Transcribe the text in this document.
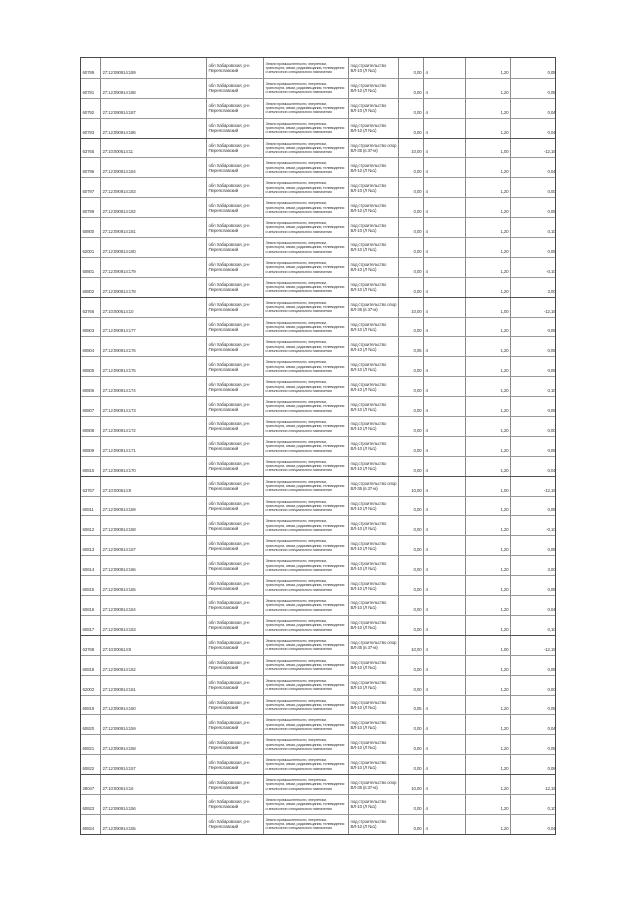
60789	27:12:090914:189
обл Хабаровская, р-н
Переяславский
Земли промышленности, энергетики, транспорта, связи, радиовещания, телевидения и земли иного специального назначения
под строительство ВЛ-10 (Л №1)	0,00 4	1,20	0,05
60791	27:12:090914:188
обл Хабаровская, р-н
Переяславский
Земли промышленности, энергетики, транспорта, связи, радиовещания, телевидения и земли иного специального назначения
под строительство ВЛ-10 (Л №1)	0,00 4	1,20	0,05
60792	27:12:090914:187
обл Хабаровская, р-н
Переяславский
Земли промышленности, энергетики, транспорта, связи, радиовещания, телевидения и земли иного специального назначения
под строительство ВЛ-10 (Л №1)	0,00 4	1,20	0,04
60793	27:12:090914:186
обл Хабаровская, р-н
Переяславский
Земли промышленности, энергетики, транспорта, связи, радиовещания, телевидения и земли иного специального назначения
под строительство ВЛ-10 (Л №1)	0,00 4	1,20	0,04
63765	27:10:000614:11
обл Хабаровская, р-н
Переяславский
Земли промышленности, энергетики, транспорта, связи, радиовещания, телевидения и земли иного специального назначения
под строительство опор ВЛ-35 (в 37-м)	10,00 4	1,00	-12,15
60796	27:12:090914:184
обл Хабаровская, р-н
Переяславский
Земли промышленности, энергетики, транспорта, связи, радиовещания, телевидения и земли иного специального назначения
под строительство ВЛ-10 (Л №1)	0,00 4	1,20	0,04
60797	27:12:090914:183
обл Хабаровская, р-н
Переяславский
Земли промышленности, энергетики, транспорта, связи, радиовещания, телевидения и земли иного специального назначения
под строительство ВЛ-10 (Л №1)	0,00 4	1,20	0,00
60799	27:12:090914:182
обл Хабаровская, р-н
Переяславский
Земли промышленности, энергетики, транспорта, связи, радиовещания, телевидения и земли иного специального назначения
под строительство ВЛ-10 (Л №1)	0,00 4	1,20	0,05
60800	27:12:090914:181
обл Хабаровская, р-н
Переяславский
Земли промышленности, энергетики, транспорта, связи, радиовещания, телевидения и земли иного специального назначения
под строительство ВЛ-10 (Л №1)	0,00 4	1,20	0,10
62001	27:12:090914:180
обл Хабаровская, р-н
Переяславский
Земли промышленности, энергетики, транспорта, связи, радиовещания, телевидения и земли иного специального назначения
под строительство ВЛ-10 (Л №1)	0,00 4	1,20	0,05
60801	27:12:090914:179
обл Хабаровская, р-н
Переяславский
Земли промышленности, энергетики, транспорта, связи, радиовещания, телевидения и земли иного специального назначения
под строительство ВЛ-10 (Л №1)	0,00 4	1,20	-0,10
60802	27:12:090914:178
обл Хабаровская, р-н
Переяславский
Земли промышленности, энергетики, транспорта, связи, радиовещания, телевидения и земли иного специального назначения
под строительство ВЛ-10 (Л №1)	0,00 4	1,20	3,00
63766	27:10:000614:10
обл Хабаровская, р-н
Переяславский
Земли промышленности, энергетики, транспорта, связи, радиовещания, телевидения и земли иного специального назначения
под строительство опор ВЛ-35 (в 37-м)	10,00 4	1,00	-12,15
60803	27:12:090914:177
обл Хабаровская, р-н
Переяславский
Земли промышленности, энергетики, транспорта, связи, радиовещания, телевидения и земли иного специального назначения
под строительство ВЛ-10 (Л №1)	0,00 4	1,20	0,05
60804	27:12:090914:176
обл Хабаровская, р-н
Переяславский
Земли промышленности, энергетики, транспорта, связи, радиовещания, телевидения и земли иного специального назначения
под строительство ВЛ-10 (Л №1)	0,05 4	1,20	0,06
60805	27:12:090914:175
обл Хабаровская, р-н
Переяславский
Земли промышленности, энергетики, транспорта, связи, радиовещания, телевидения и земли иного специального назначения
под строительство ВЛ-10 (Л №1)	0,00 4	1,20	0,05
60806	27:12:090914:174
обл Хабаровская, р-н
Переяславский
Земли промышленности, энергетики, транспорта, связи, радиовещания, телевидения и земли иного специального назначения
под строительство ВЛ-10 (Л №1)	0,00 4	1,20	0,10
60807	27:12:090914:173
обл Хабаровская, р-н
Переяславский
Земли промышленности, энергетики, транспорта, связи, радиовещания, телевидения и земли иного специального назначения
под строительство ВЛ-10 (Л №1)	0,00 4	1,20	0,05
60808	27:12:090914:172
обл Хабаровская, р-н
Переяславский
Земли промышленности, энергетики, транспорта, связи, радиовещания, телевидения и земли иного специального назначения
под строительство ВЛ-10 (Л №1)	0,00 4	1,20	0,00
60809	27:12:090914:171
обл Хабаровская, р-н
Переяславский
Земли промышленности, энергетики, транспорта, связи, радиовещания, телевидения и земли иного специального назначения
под строительство ВЛ-10 (Л №1)	0,00 4	1,20	0,05
60810	27:12:090914:170
обл Хабаровская, р-н
Переяславский
Земли промышленности, энергетики, транспорта, связи, радиовещания, телевидения и земли иного специального назначения
под строительство ВЛ-10 (Л №1)	0,00 4	1,20	0,04
63767	27:10:000614:9
обл Хабаровская, р-н
Переяславский
Земли промышленности, энергетики, транспорта, связи, радиовещания, телевидения и земли иного специального назначения
под строительство опор ВЛ-35 (в 37-м)	10,00 4	1,00	-12,15
60811	27:12:090914:169
обл Хабаровская, р-н
Переяславский
Земли промышленности, энергетики, транспорта, связи, радиовещания, телевидения и земли иного специального назначения
под строительство ВЛ-10 (Л №1)	0,00 4	1,20	0,05
60812	27:12:090914:168
обл Хабаровская, р-н
Переяславский
Земли промышленности, энергетики, транспорта, связи, радиовещания, телевидения и земли иного специального назначения
под строительство ВЛ-10 (Л №1)	0,00 4	1,20	-0,10
60813	27:12:090914:167
обл Хабаровская, р-н
Переяславский
Земли промышленности, энергетики, транспорта, связи, радиовещания, телевидения и земли иного специального назначения
под строительство ВЛ-10 (Л №1)	0,00 4	1,20	0,05
60814	27:12:090914:166
обл Хабаровская, р-н
Переяславский
Земли промышленности, энергетики, транспорта, связи, радиовещания, телевидения и земли иного специального назначения
под строительство ВЛ-10 (Л №1)	0,00 4	1,20	3,00
60815	27:12:090914:165
обл Хабаровская, р-н
Переяславский
Земли промышленности, энергетики, транспорта, связи, радиовещания, телевидения и земли иного специального назначения
под строительство ВЛ-10 (Л №1)	0,00 4	1,20	0,05
60816	27:12:090914:164
обл Хабаровская, р-н
Переяславский
Земли промышленности, энергетики, транспорта, связи, радиовещания, телевидения и земли иного специального назначения
под строительство ВЛ-10 (Л №1)	0,00 4	1,20	0,04
60817	27:12:090914:163
обл Хабаровская, р-н
Переяславский
Земли промышленности, энергетики, транспорта, связи, радиовещания, телевидения и земли иного специального назначения
под строительство ВЛ-10 (Л №1)	0,00 4	1,20	0,10
63768	27:10:000614:8
обл Хабаровская, р-н
Переяславский
Земли промышленности, энергетики, транспорта, связи, радиовещания, телевидения и земли иного специального назначения
под строительство опор ВЛ-35 (в 37-м)	10,00 4	1,00	-12,15
60818	27:12:090914:162
обл Хабаровская, р-н
Переяславский
Земли промышленности, энергетики, транспорта, связи, радиовещания, телевидения и земли иного специального назначения
под строительство ВЛ-10 (Л №1)	0,00 4	1,20	0,05
62002	27:12:090914:161
обл Хабаровская, р-н
Переяславский
Земли промышленности, энергетики, транспорта, связи, радиовещания, телевидения и земли иного специального назначения
под строительство ВЛ-10 (Л №1)	0,00 4	1,20	0,00
60819	27:12:090914:160
обл Хабаровская, р-н
Переяславский
Земли промышленности, энергетики, транспорта, связи, радиовещания, телевидения и земли иного специального назначения
под строительство ВЛ-10 (Л №1)	0,05 4	1,20	0,05
60820	27:12:090914:159
обл Хабаровская, р-н
Переяславский
Земли промышленности, энергетики, транспорта, связи, радиовещания, телевидения и земли иного специального назначения
под строительство ВЛ-10 (Л №1)	0,00 4	1,20	0,04
60821	27:12:090914:158
обл Хабаровская, р-н
Переяславский
Земли промышленности, энергетики, транспорта, связи, радиовещания, телевидения и земли иного специального назначения
под строительство ВЛ-10 (Л №1)	0,00 4	1,20	0,05
60822	27:12:090914:157
обл Хабаровская, р-н
Переяславский
Земли промышленности, энергетики, транспорта, связи, радиовещания, телевидения и земли иного специального назначения
под строительство ВЛ-10 (Л №1)	0,00 4	1,20	0,06
28047	27:10:000614:16
обл Хабаровская, р-н
Переяславский
Земли промышленности, энергетики, транспорта, связи, радиовещания, телевидения и земли иного специального назначения
под строительство опор ВЛ-35 (в 37-м)	10,00 4	1,20	12,15
60823	27:12:090914:156
обл Хабаровская, р-н
Переяславский
Земли промышленности, энергетики, транспорта, связи, радиовещания, телевидения и земли иного специального назначения
под строительство ВЛ-10 (Л №1)	0,00 4	1,20	0,10
60824	27:12:090914:155
обл Хабаровская, р-н
Переяславский
Земли промышленности, энергетики, транспорта, связи, радиовещания, телевидения и земли иного специального назначения
под строительство ВЛ-10 (Л №1)	0,00 4	1,20	0,04
